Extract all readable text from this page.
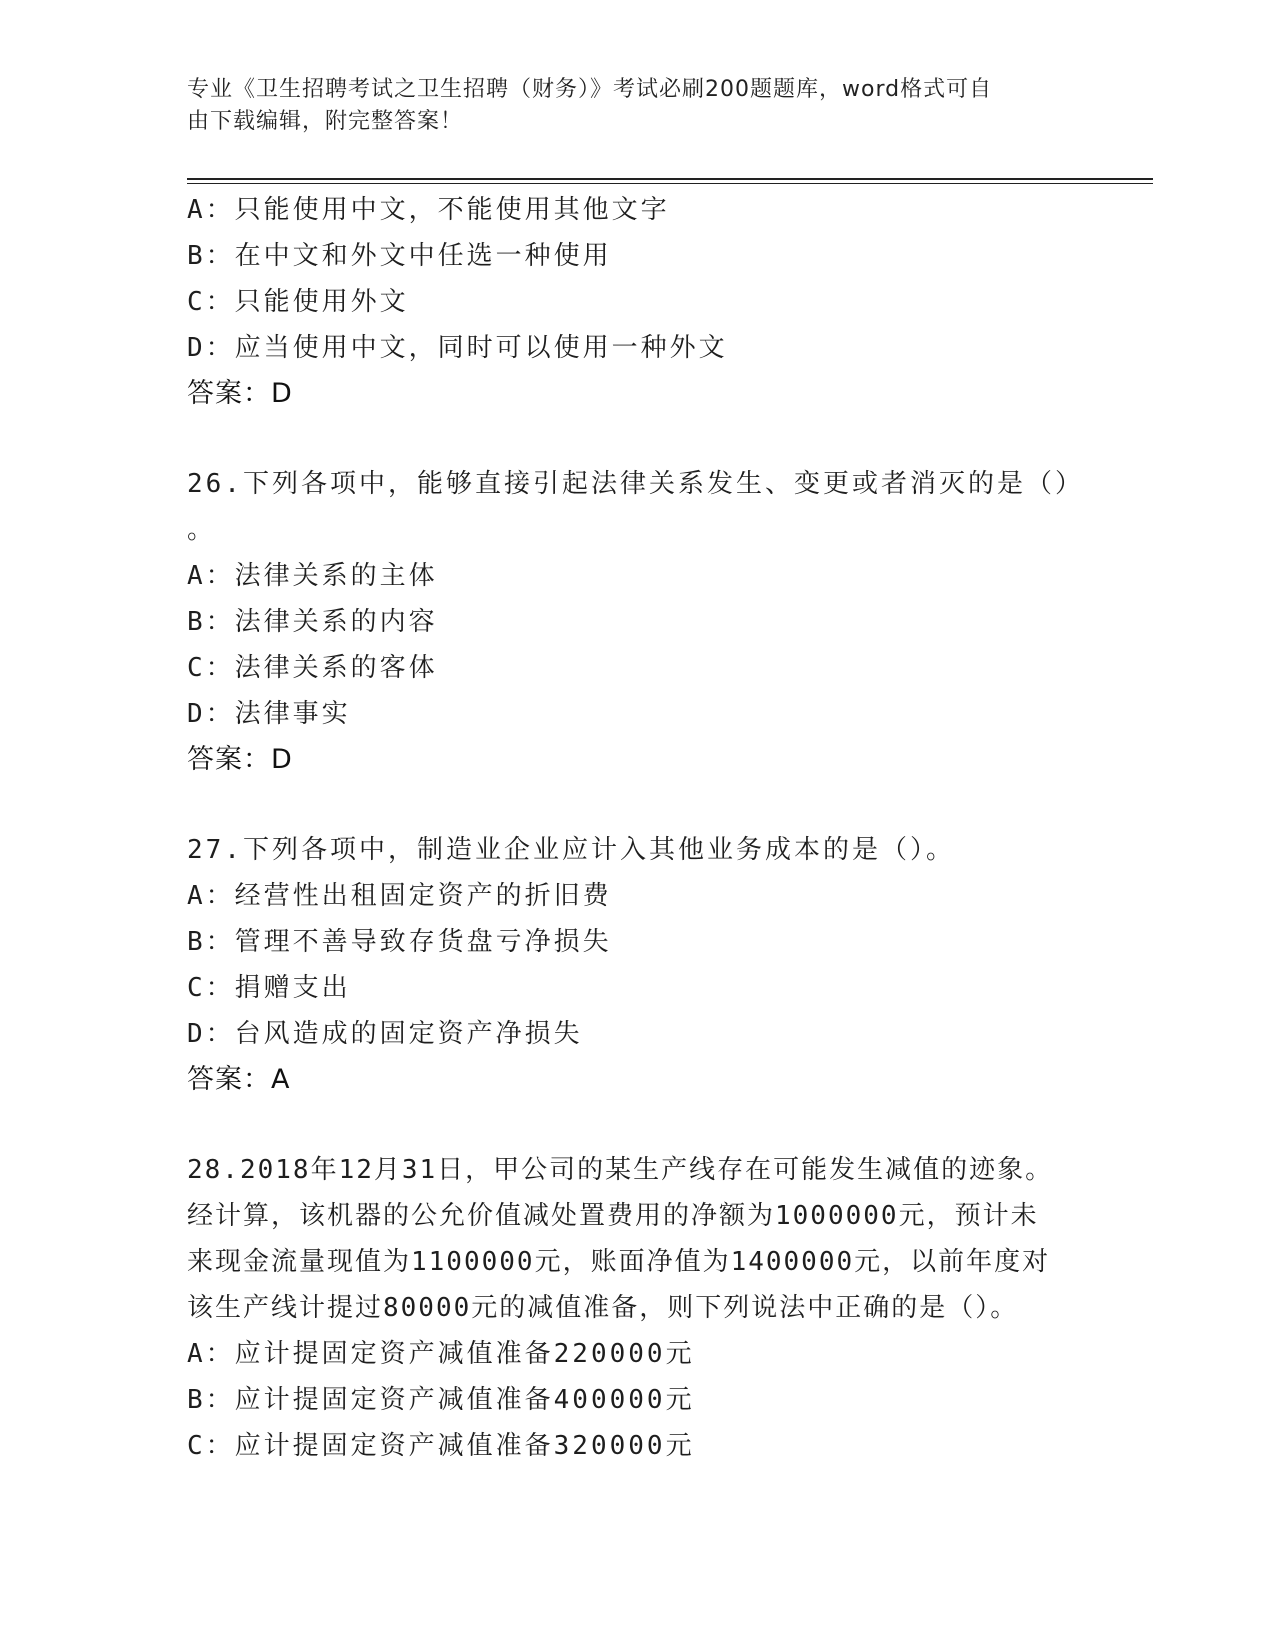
专业《卫生招聘考试之卫生招聘（财务）》考试必刷200题题库，word格式可自
由下载编辑，附完整答案！
A：只能使用中文，不能使用其他文字
B：在中文和外文中任选一种使用
C：只能使用外文
D：应当使用中文，同时可以使用一种外文
答案：D
26.下列各项中，能够直接引起法律关系发生、变更或者消灭的是（）
。
A：法律关系的主体
B：法律关系的内容
C：法律关系的客体
D：法律事实
答案：D
27.下列各项中，制造业企业应计入其他业务成本的是（）。
A：经营性出租固定资产的折旧费
B：管理不善导致存货盘亏净损失
C：捐赠支出
D：台风造成的固定资产净损失
答案：A
28.2018年12月31日，甲公司的某生产线存在可能发生减值的迹象。
经计算，该机器的公允价值减处置费用的净额为1000000元，预计未
来现金流量现值为1100000元，账面净值为1400000元，以前年度对
该生产线计提过80000元的减值准备，则下列说法中正确的是（）。
A：应计提固定资产减值准备220000元
B：应计提固定资产减值准备400000元
C：应计提固定资产减值准备320000元
